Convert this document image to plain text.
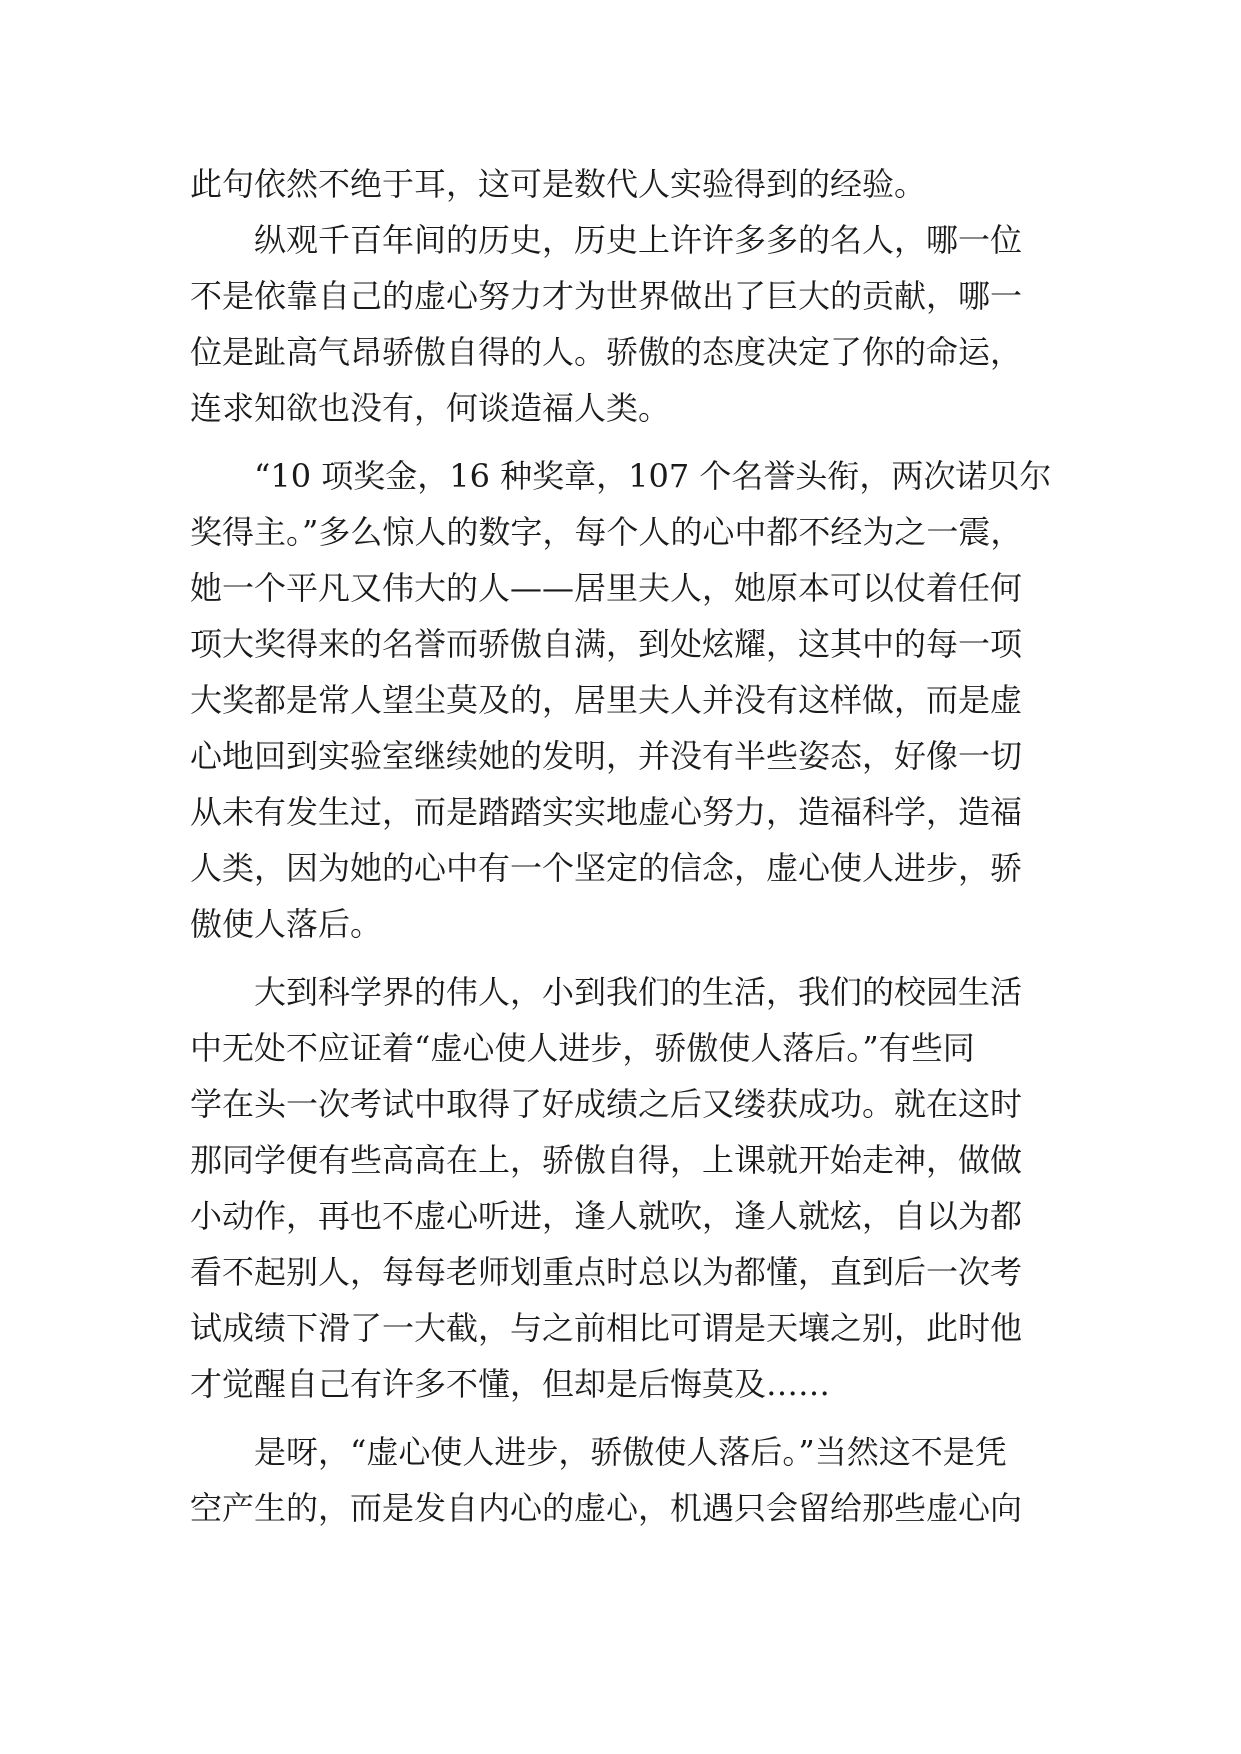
此句依然不绝于耳，这可是数代人实验得到的经验。
纵观千百年间的历史，历史上许许多多的名人，哪一位
不是依靠自己的虚心努力才为世界做出了巨大的贡献，哪一
位是趾高气昂骄傲自得的人。骄傲的态度决定了你的命运，
连求知欲也没有，何谈造福人类。
“10 项奖金，16 种奖章，107 个名誉头衔，两次诺贝尔
奖得主。”多么惊人的数字，每个人的心中都不经为之一震，
她一个平凡又伟大的人——居里夫人，她原本可以仗着任何
项大奖得来的名誉而骄傲自满，到处炫耀，这其中的每一项
大奖都是常人望尘莫及的，居里夫人并没有这样做，而是虚
心地回到实验室继续她的发明，并没有半些姿态，好像一切
从未有发生过，而是踏踏实实地虚心努力，造福科学，造福
人类，因为她的心中有一个坚定的信念，虚心使人进步，骄
傲使人落后。
大到科学界的伟人，小到我们的生活，我们的校园生活
中无处不应证着“虚心使人进步，骄傲使人落后。”有些同
学在头一次考试中取得了好成绩之后又缕获成功。就在这时
那同学便有些高高在上，骄傲自得，上课就开始走神，做做
小动作，再也不虚心听进，逢人就吹，逢人就炫，自以为都
看不起别人，每每老师划重点时总以为都懂，直到后一次考
试成绩下滑了一大截，与之前相比可谓是天壤之别，此时他
才觉醒自己有许多不懂，但却是后悔莫及……
是呀，“虚心使人进步，骄傲使人落后。”当然这不是凭
空产生的，而是发自内心的虚心，机遇只会留给那些虚心向
